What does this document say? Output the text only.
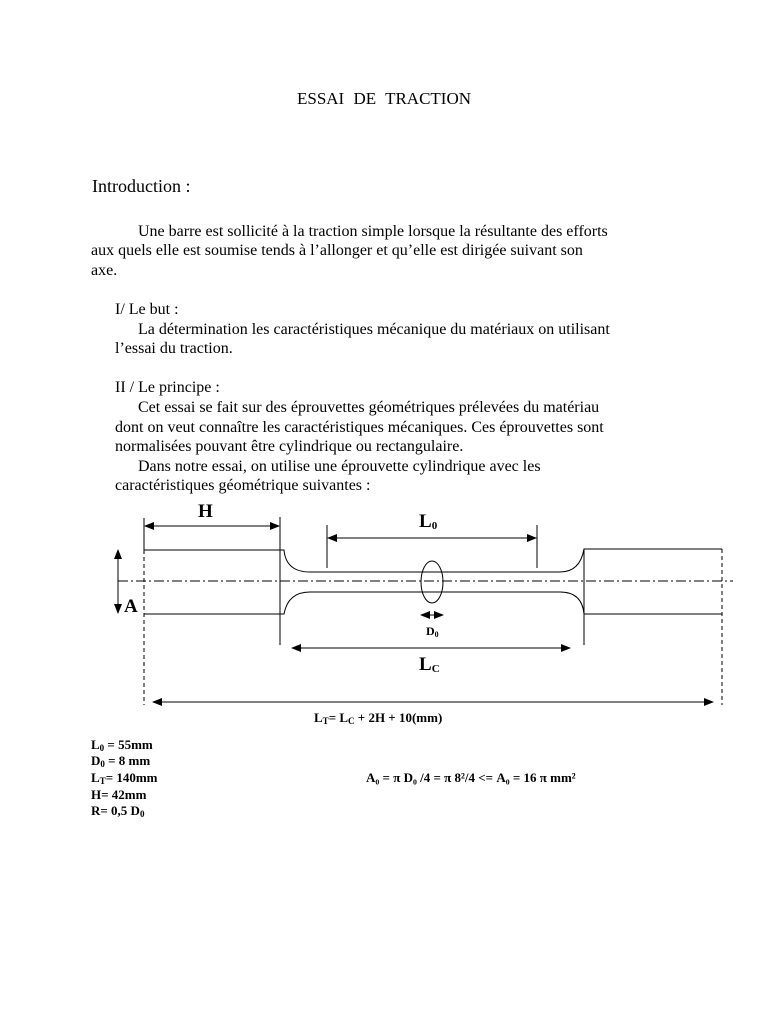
ESSAI DE TRACTION
Introduction :
Une barre est sollicité à la traction simple lorsque la résultante des efforts
aux quels elle est soumise tends à l’allonger et qu’elle est dirigée suivant son
axe.
I/ Le but :
La détermination les caractéristiques mécanique du matériaux on utilisant
l’essai du traction.
II / Le principe :
Cet essai se fait sur des éprouvettes géométriques prélevées du matériau
dont on veut connaître les caractéristiques mécaniques. Ces éprouvettes sont
normalisées pouvant être cylindrique ou rectangulaire.
Dans notre essai, on utilise une éprouvette cylindrique avec les
caractéristiques géométrique suivantes :
H	$L_0$
A
$D_0$
$L_C$
$L_T= L_C + 2H + 10(mm)$
$L_0 = 55mm$
$D_0 = 8$ mm
$L_T= 140mm$
H= 42mm
R= 0,5 $D_0$
A₀ = π D₀ /4 = π 8²/4 <= A₀ = 16 π mm²
